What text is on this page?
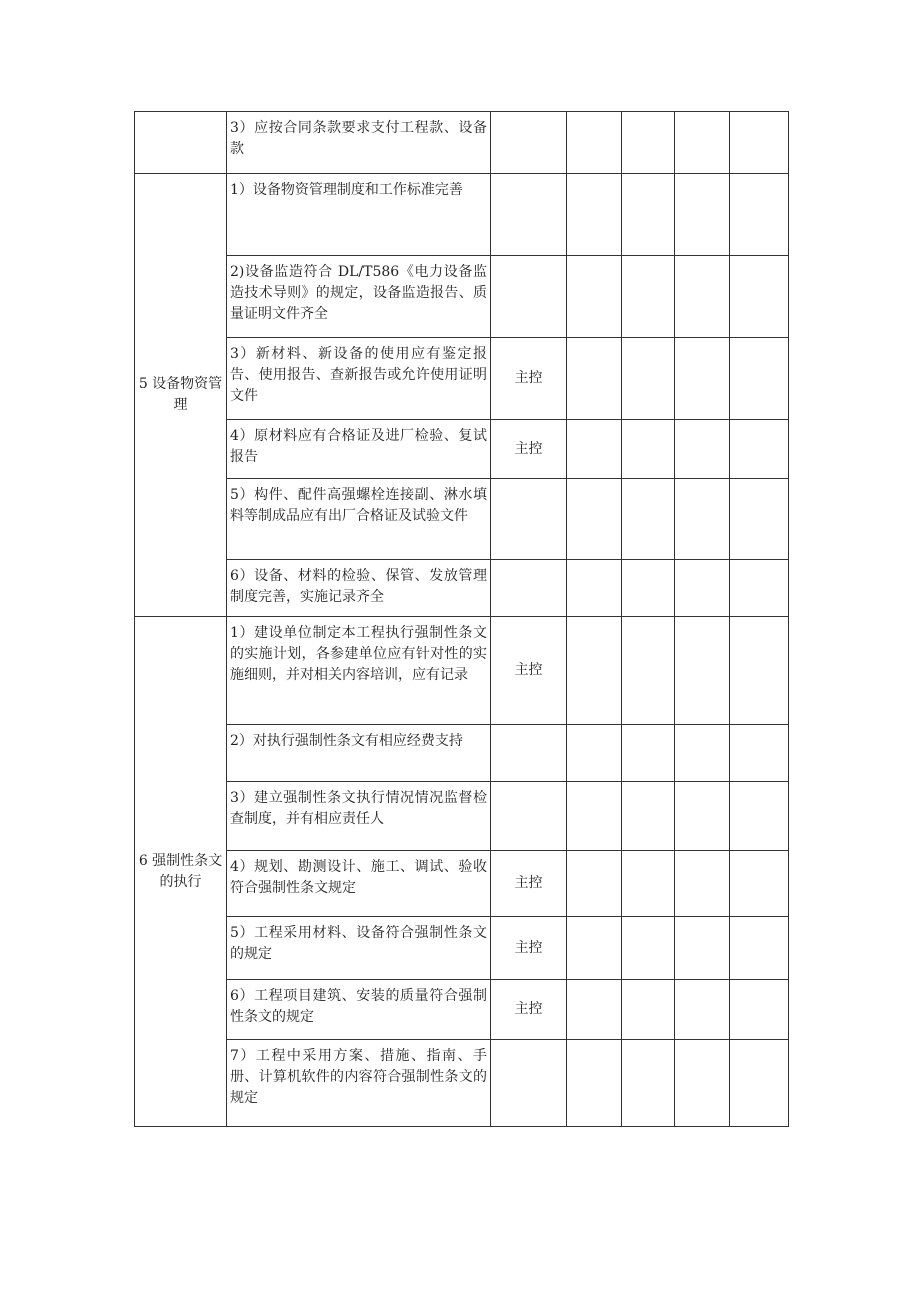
	3）应按合同条款要求支付工程款、设备款					
5 设备物资管理	1）设备物资管理制度和工作标准完善					
	2)设备监造符合 DL/T586《电力设备监造技术导则》的规定，设备监造报告、质量证明文件齐全					
	3）新材料、新设备的使用应有鉴定报告、使用报告、查新报告或允许使用证明文件	主控				
	4）原材料应有合格证及进厂检验、复试报告	主控				
	5）构件、配件高强螺栓连接副、淋水填料等制成品应有出厂合格证及试验文件					
	6）设备、材料的检验、保管、发放管理制度完善，实施记录齐全					
6 强制性条文的执行	1）建设单位制定本工程执行强制性条文的实施计划，各参建单位应有针对性的实施细则，并对相关内容培训，应有记录	主控				
	2）对执行强制性条文有相应经费支持					
	3）建立强制性条文执行情况情况监督检查制度，并有相应责任人					
	4）规划、勘测设计、施工、调试、验收符合强制性条文规定	主控				
	5）工程采用材料、设备符合强制性条文的规定	主控				
	6）工程项目建筑、安装的质量符合强制性条文的规定	主控				
	7）工程中采用方案、措施、指南、手册、计算机软件的内容符合强制性条文的规定					
